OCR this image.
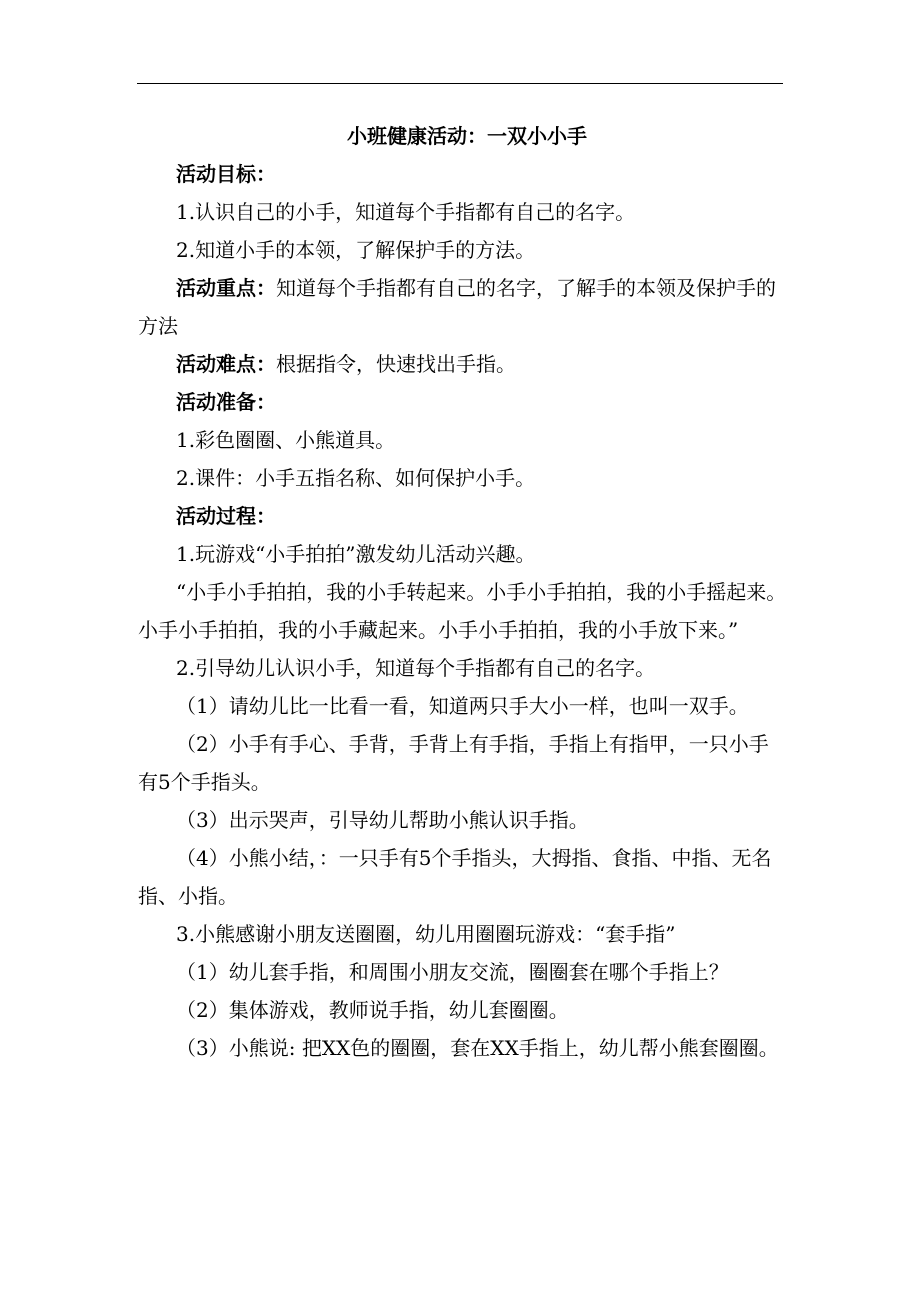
小班健康活动：一双小小手

活动目标：

1.认识自己的小手，知道每个手指都有自己的名字。

2.知道小手的本领，了解保护手的方法。

活动重点：知道每个手指都有自己的名字，了解手的本领及保护手的方法

活动难点：根据指令，快速找出手指。

活动准备：

1.彩色圈圈、小熊道具。

2.课件：小手五指名称、如何保护小手。

活动过程：

1.玩游戏“小手拍拍”激发幼儿活动兴趣。

“小手小手拍拍，我的小手转起来。小手小手拍拍，我的小手摇起来。小手小手拍拍，我的小手藏起来。小手小手拍拍，我的小手放下来。”

2.引导幼儿认识小手，知道每个手指都有自己的名字。

（1）请幼儿比一比看一看，知道两只手大小一样，也叫一双手。

（2）小手有手心、手背，手背上有手指，手指上有指甲，一只小手有5个手指头。

（3）出示哭声，引导幼儿帮助小熊认识手指。

（4）小熊小结，：一只手有5个手指头，大拇指、食指、中指、无名指、小指。

3.小熊感谢小朋友送圈圈，幼儿用圈圈玩游戏：“套手指”

（1）幼儿套手指，和周围小朋友交流，圈圈套在哪个手指上？

（2）集体游戏，教师说手指，幼儿套圈圈。

（3）小熊说: 把XX色的圈圈，套在XX手指上，幼儿帮小熊套圈圈。
